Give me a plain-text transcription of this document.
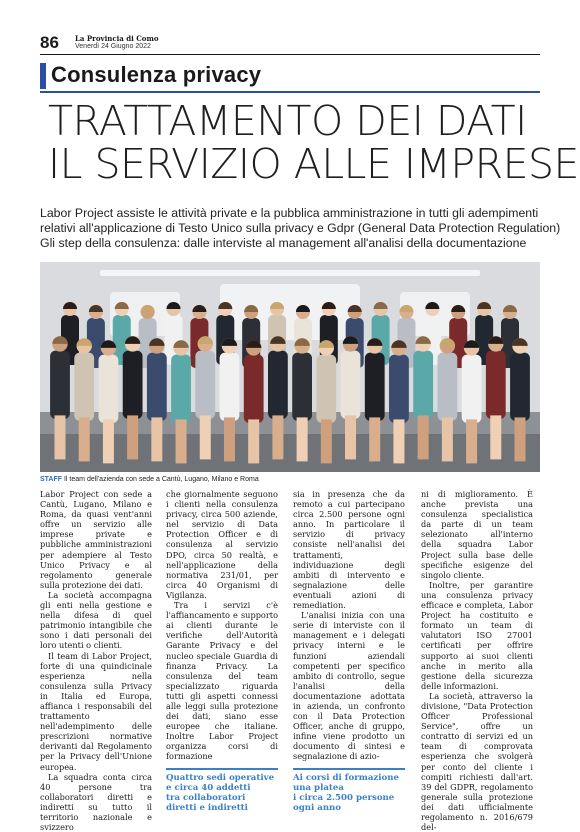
86 La Provincia di Como
Venerdì 24 Giugno 2022
Consulenza privacy
TRATTAMENTO DEI DATI
IL SERVIZIO ALLE IMPRESE
Labor Project assiste le attività private e la pubblica amministrazione in tutti gli adempimenti
relativi all'applicazione di Testo Unico sulla privacy e Gdpr (General Data Protection Regulation)
Gli step della consulenza: dalle interviste al management all'analisi della documentazione
STAFF Il team dell'azienda con sede a Cantù, Lugano, Milano e Roma

Labor Project con sede a Cantù, Lugano, Milano e Roma, da quasi vent'anni offre un servizio alle imprese private e pubbliche amministrazioni per adempiere al Testo Unico Privacy e al regolamento generale sulla protezione dei dati.

La società accompagna gli enti nella gestione e nella difesa di quel patrimonio intangibile che sono i dati personali dei loro utenti o clienti.

Il team di Labor Project, forte di una quindicinale esperienza nella consulenza sulla Privacy in Italia ed Europa, affianca i responsabili del trattamento nell'adempimento delle prescrizioni normative derivanti dal Regolamento per la Privacy dell'Unione europea.

La squadra conta circa 40 persone tra collaboratori diretti e indiretti su tutto il territorio nazionale e svizzero

che giornalmente seguono i clienti nella consulenza privacy, circa 500 aziende, nel servizio di Data Protection Officer e di consulenza al servizio DPO, circa 50 realtà, e nell'applicazione della normativa 231/01, per circa 40 Organismi di Vigilanza.

Tra i servizi c'è l'affiancamento e supporto ai clienti durante le verifiche dell'Autorità Garante Privacy e del nucleo speciale Guardia di finanza Privacy. La consulenza del team specializzato riguarda tutti gli aspetti connessi alle leggi sulla protezione dei dati, siano esse europee che italiane. Inoltre Labor Project organizza corsi di formazione

Quattro sedi operative
e circa 40 addetti
tra collaboratori
diretti e indiretti

sia in presenza che da remoto a cui partecipano circa 2.500 persone ogni anno. In particolare il servizio di privacy consiste nell'analisi dei trattamenti, individuazione degli ambiti di intervento e segnalazione delle eventuali azioni di remediation.

L'analisi inizia con una serie di interviste con il management e i delegati privacy interni e le funzioni aziendali competenti per specifico ambito di controllo, segue l'analisi della documentazione adottata in azienda, un confronto con il Data Protection Officer, anche di gruppo, infine viene prodotto un documento di sintesi e segnalazione di azio-

Ai corsi di formazione
una platea
i circa 2.500 persone
ogni anno

ni di miglioramento. È anche prevista una consulenza specialistica da parte di un team selezionato all'interno della squadra Labor Project sulla base delle specifiche esigenze del singolo cliente.

Inoltre, per garantire una consulenza privacy efficace e completa, Labor Project ha costituito e formato un team di valutatori ISO 27001 certificati per offrire supporto ai suoi clienti anche in merito alla gestione della sicurezza delle informazioni.

La società, attraverso la divisione, "Data Protection Officer Professional Service", offre un contratto di servizi ed un team di comprovata esperienza che svolgerà per conto del cliente i compiti richiesti dall'art. 39 del GDPR, regolamento generale sulla protezione dei dati ufficialmente regolamento n. 2016/679 del-
